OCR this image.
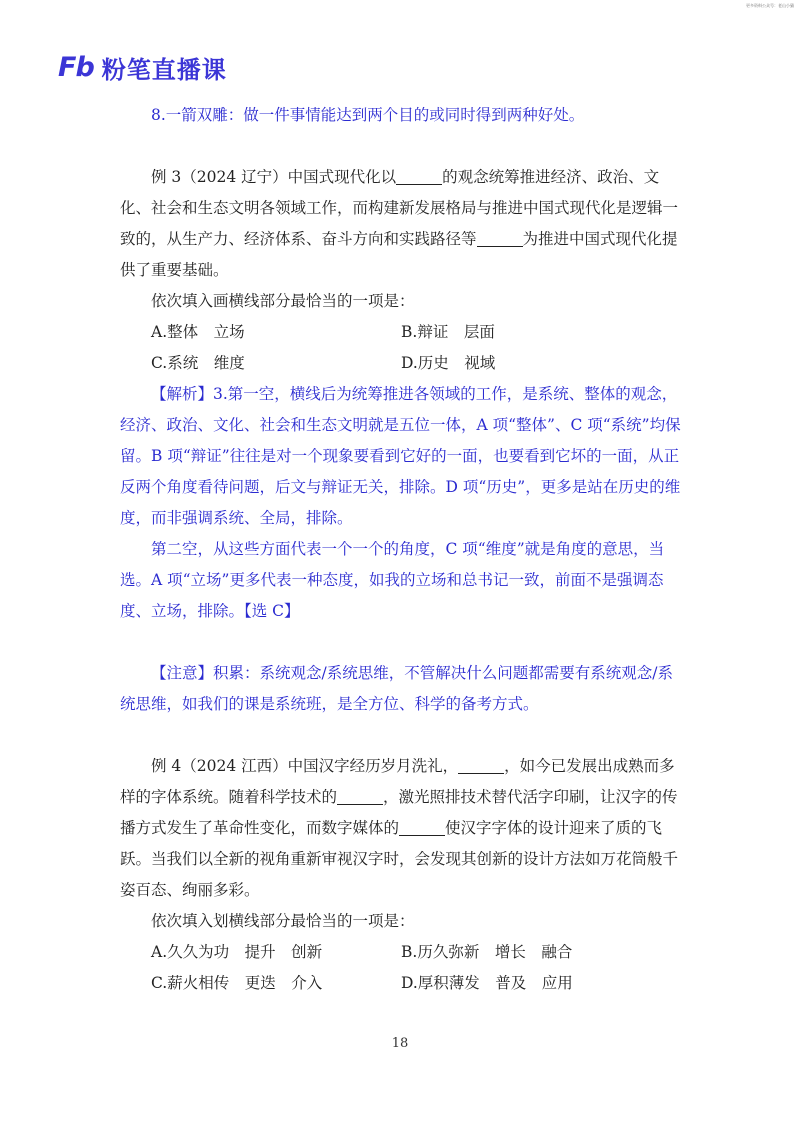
更多资料公众号：老山小猫
Fb 粉笔直播课

8.一箭双雕：做一件事情能达到两个目的或同时得到两种好处。

例 3（2024 辽宁）中国式现代化以	的观念统筹推进经济、政治、文化、社会和生态文明各领域工作，而构建新发展格局与推进中国式现代化是逻辑一致的，从生产力、经济体系、奋斗方向和实践路径等	为推进中国式现代化提供了重要基础。

依次填入画横线部分最恰当的一项是：

A.整体　立场	B.辩证　层面
C.系统　维度	D.历史　视域

【解析】3.第一空，横线后为统筹推进各领域的工作，是系统、整体的观念，经济、政治、文化、社会和生态文明就是五位一体，A 项“整体”、C 项“系统”均保留。B 项“辩证”往往是对一个现象要看到它好的一面，也要看到它坏的一面，从正反两个角度看待问题，后文与辩证无关，排除。D 项“历史”，更多是站在历史的维度，而非强调系统、全局，排除。

第二空，从这些方面代表一个一个的角度，C 项“维度”就是角度的意思，当选。A 项“立场”更多代表一种态度，如我的立场和总书记一致，前面不是强调态度、立场，排除。【选 C】

【注意】积累：系统观念/系统思维，不管解决什么问题都需要有系统观念/系统思维，如我们的课是系统班，是全方位、科学的备考方式。

例 4（2024 江西）中国汉字经历岁月洗礼，	，如今已发展出成熟而多样的字体系统。随着科学技术的	，激光照排技术替代活字印刷，让汉字的传播方式发生了革命性变化，而数字媒体的	使汉字字体的设计迎来了质的飞跃。当我们以全新的视角重新审视汉字时，会发现其创新的设计方法如万花筒般千姿百态、绚丽多彩。

依次填入划横线部分最恰当的一项是：

A.久久为功　提升　创新	B.历久弥新　增长　融合
C.薪火相传　更迭　介入	D.厚积薄发　普及　应用
18
